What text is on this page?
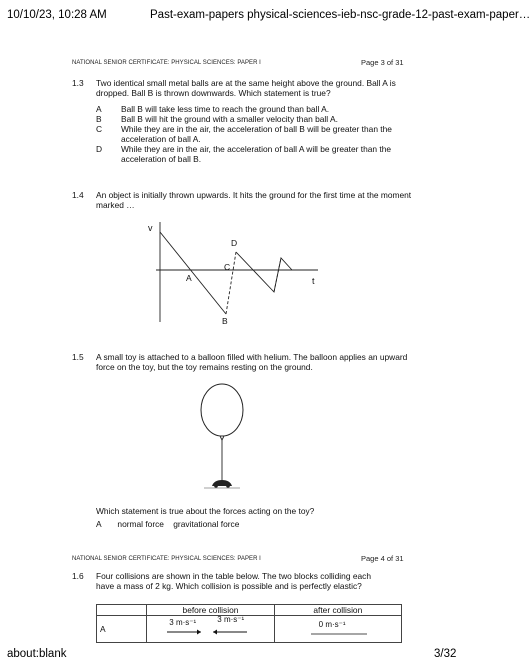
10/10/23, 10:28 AM	Past-exam-papers physical-sciences-ieb-nsc-grade-12-past-exam-paper…
NATIONAL SENIOR CERTIFICATE: PHYSICAL SCIENCES: PAPER I	Page 3 of 31
1.3 Two identical small metal balls are at the same height above the ground. Ball A is
dropped. Ball B is thrown downwards. Which statement is true?
A Ball B will take less time to reach the ground than ball A.
B Ball B will hit the ground with a smaller velocity than ball A.
C While they are in the air, the acceleration of ball B will be greater than the
acceleration of ball A.
D While they are in the air, the acceleration of ball A will be greater than the
acceleration of ball B.
1.4 An object is initially thrown upwards. It hits the ground for the first time at the moment
marked …
v
t
A
B
C
D
1.5 A small toy is attached to a balloon filled with helium. The balloon applies an upward
force on the toy, but the toy remains resting on the ground.
Which statement is true about the forces acting on the toy?
A       normal force    gravitational force
NATIONAL SENIOR CERTIFICATE: PHYSICAL SCIENCES: PAPER I	Page 4 of 31
1.6 Four collisions are shown in the table below. The two blocks colliding each
have a mass of 2 kg. Which collision is possible and is perfectly elastic?
	before collision	after collision
A	3 m·s⁻¹ 3 m·s⁻¹	0 m·s⁻¹
about:blank	3/32
